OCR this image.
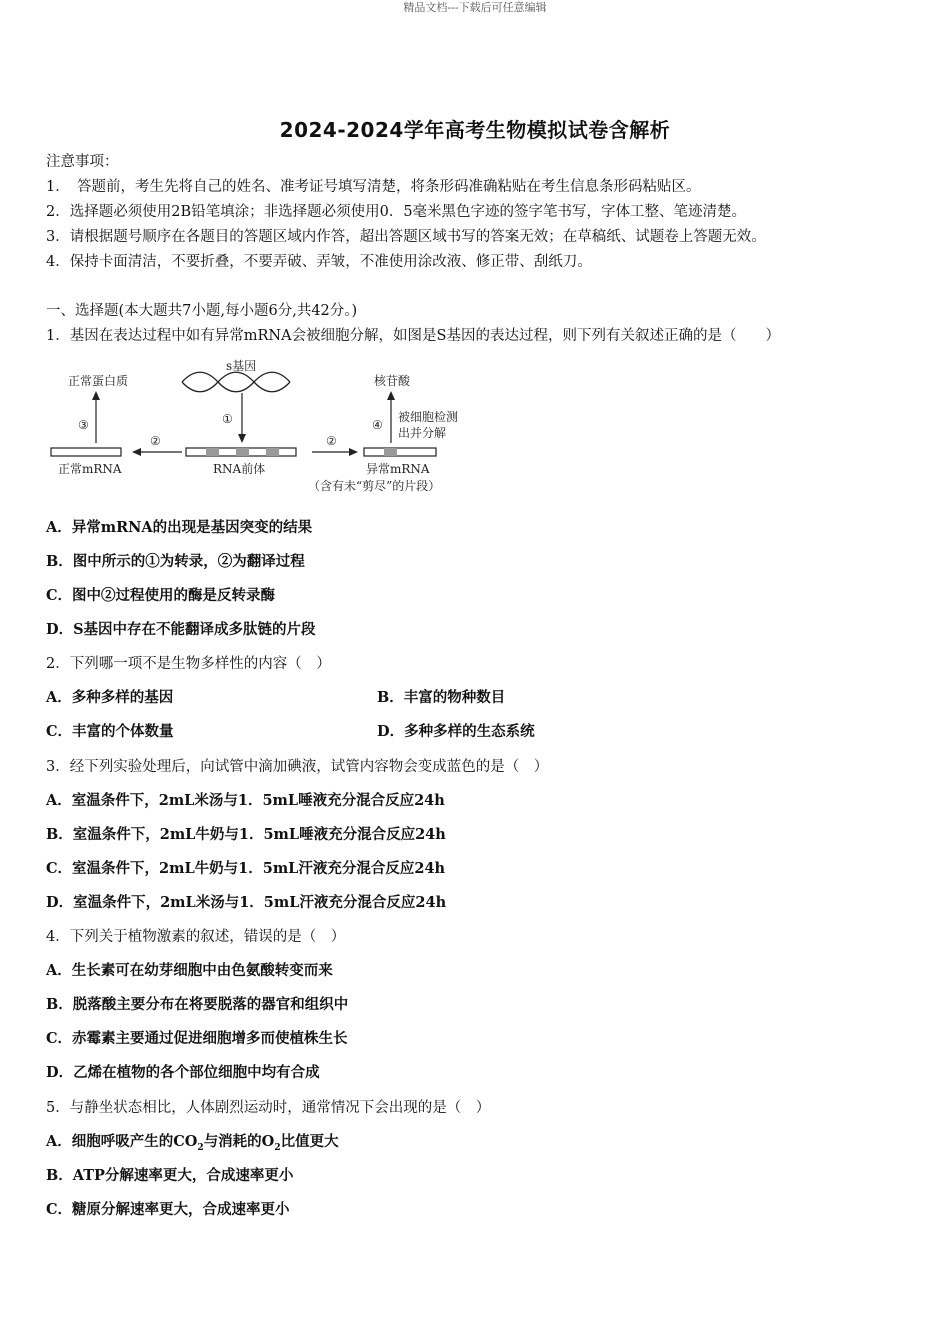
精品文档---下载后可任意编辑
2024-2024学年高考生物模拟试卷含解析
注意事项：
1．　答题前，考生先将自己的姓名、准考证号填写清楚，将条形码准确粘贴在考生信息条形码粘贴区。
2．选择题必须使用2B铅笔填涂；非选择题必须使用0．5毫米黑色字迹的签字笔书写，字体工整、笔迹清楚。
3．请根据题号顺序在各题目的答题区域内作答，超出答题区域书写的答案无效；在草稿纸、试题卷上答题无效。
4．保持卡面清洁，不要折叠，不要弄破、弄皱，不准使用涂改液、修正带、刮纸刀。
一、选择题(本大题共7小题,每小题6分,共42分。)
1．基因在表达过程中如有异常mRNA会被细胞分解，如图是S基因的表达过程，则下列有关叙述正确的是（　　）
正常蛋白质
③
正常mRNA
②
s基因
①
RNA前体
②
核苷酸
④
被细胞检测
出并分解
异常mRNA
（含有未“剪尽”的片段）
A．异常mRNA的出现是基因突变的结果
B．图中所示的①为转录，②为翻译过程
C．图中②过程使用的酶是反转录酶
D．S基因中存在不能翻译成多肽链的片段
2．下列哪一项不是生物多样性的内容（　）
A．多种多样的基因	B．丰富的物种数目
C．丰富的个体数量	D．多种多样的生态系统
3．经下列实验处理后，向试管中滴加碘液，试管内容物会变成蓝色的是（　）
A．室温条件下，2mL米汤与1．5mL唾液充分混合反应24h
B．室温条件下，2mL牛奶与1．5mL唾液充分混合反应24h
C．室温条件下，2mL牛奶与1．5mL汗液充分混合反应24h
D．室温条件下，2mL米汤与1．5mL汗液充分混合反应24h
4．下列关于植物激素的叙述，错误的是（　）
A．生长素可在幼芽细胞中由色氨酸转变而来
B．脱落酸主要分布在将要脱落的器官和组织中
C．赤霉素主要通过促进细胞增多而使植株生长
D．乙烯在植物的各个部位细胞中均有合成
5．与静坐状态相比，人体剧烈运动时，通常情况下会出现的是（　）
A．细胞呼吸产生的$CO_2$与消耗的$O_2$比值更大
B．ATP分解速率更大，合成速率更小
C．糖原分解速率更大，合成速率更小
